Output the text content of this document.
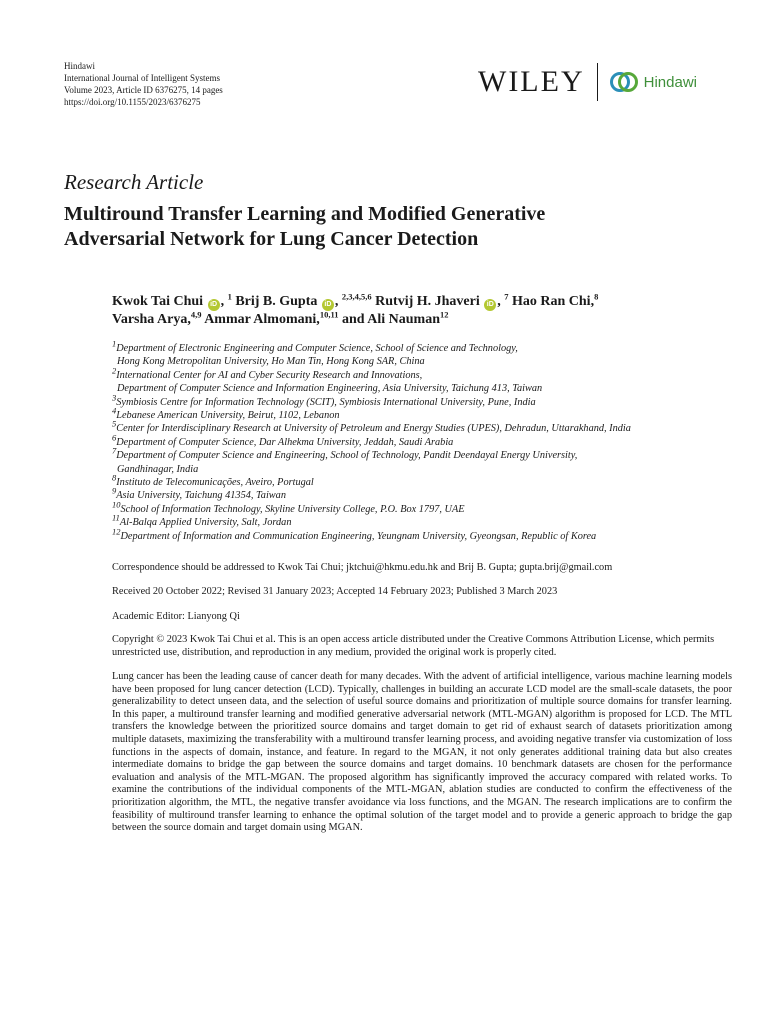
Hindawi
International Journal of Intelligent Systems
Volume 2023, Article ID 6376275, 14 pages
https://doi.org/10.1155/2023/6376275
WILEY	Hindawi
Research Article
Multiround Transfer Learning and Modified Generative
Adversarial Network for Lung Cancer Detection
Kwok Tai Chui iD , $^1$ Brij B. Gupta iD , $^{2,3,4,5,6}$ Rutvij H. Jhaveri iD , $^7$ Hao Ran Chi,$^8$
Varsha Arya,$^{4,9}$ Ammar Almomani,$^{10,11}$ and Ali Nauman$^{12}$
$^1$Department of Electronic Engineering and Computer Science, School of Science and Technology,
Hong Kong Metropolitan University, Ho Man Tin, Hong Kong SAR, China
$^2$International Center for AI and Cyber Security Research and Innovations,
Department of Computer Science and Information Engineering, Asia University, Taichung 413, Taiwan
$^3$Symbiosis Centre for Information Technology (SCIT), Symbiosis International University, Pune, India
$^4$Lebanese American University, Beirut, 1102, Lebanon
$^5$Center for Interdisciplinary Research at University of Petroleum and Energy Studies (UPES), Dehradun, Uttarakhand, India
$^6$Department of Computer Science, Dar Alhekma University, Jeddah, Saudi Arabia
$^7$Department of Computer Science and Engineering, School of Technology, Pandit Deendayal Energy University,
Gandhinagar, India
$^8$Instituto de Telecomunicações, Aveiro, Portugal
$^9$Asia University, Taichung 41354, Taiwan
$^{10}$School of Information Technology, Skyline University College, P.O. Box 1797, UAE
$^{11}$Al-Balqa Applied University, Salt, Jordan
$^{12}$Department of Information and Communication Engineering, Yeungnam University, Gyeongsan, Republic of Korea
Correspondence should be addressed to Kwok Tai Chui; jktchui@hkmu.edu.hk and Brij B. Gupta; gupta.brij@gmail.com
Received 20 October 2022; Revised 31 January 2023; Accepted 14 February 2023; Published 3 March 2023
Academic Editor: Lianyong Qi
Copyright © 2023 Kwok Tai Chui et al. This is an open access article distributed under the Creative Commons Attribution License, which permits unrestricted use, distribution, and reproduction in any medium, provided the original work is properly cited.
Lung cancer has been the leading cause of cancer death for many decades. With the advent of artificial intelligence, various machine learning models have been proposed for lung cancer detection (LCD). Typically, challenges in building an accurate LCD model are the small-scale datasets, the poor generalizability to detect unseen data, and the selection of useful source domains and prioritization of multiple source domains for transfer learning. In this paper, a multiround transfer learning and modified generative adversarial network (MTL-MGAN) algorithm is proposed for LCD. The MTL transfers the knowledge between the prioritized source domains and target domain to get rid of exhaust search of datasets prioritization among multiple datasets, maximizing the transferability with a multiround transfer learning process, and avoiding negative transfer via customization of loss functions in the aspects of domain, instance, and feature. In regard to the MGAN, it not only generates additional training data but also creates intermediate domains to bridge the gap between the source domains and target domains. 10 benchmark datasets are chosen for the performance evaluation and analysis of the MTL-MGAN. The proposed algorithm has significantly improved the accuracy compared with related works. To examine the contributions of the individual components of the MTL-MGAN, ablation studies are conducted to confirm the effectiveness of the prioritization algorithm, the MTL, the negative transfer avoidance via loss functions, and the MGAN. The research implications are to confirm the feasibility of multiround transfer learning to enhance the optimal solution of the target model and to provide a generic approach to bridge the gap between the source domain and target domain using MGAN.
